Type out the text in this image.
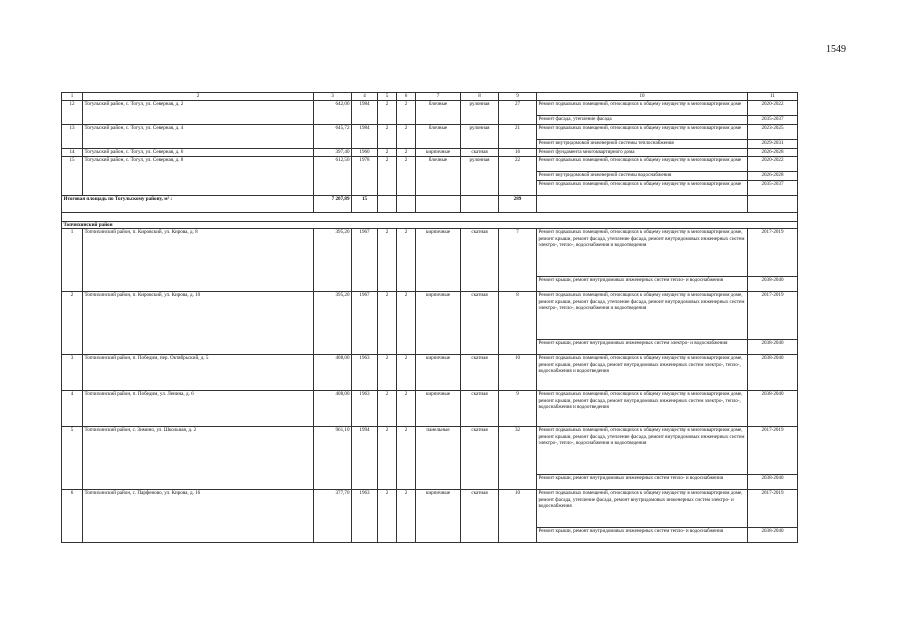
1549
1	2	3	4	5	6	7	8	9	10	11
12	Тогульский район, с. Тогул, ул. Северная, д. 2	642,00	1984	2	2	блочные	рулонная	27	Ремонт подвальных помещений, относящихся к общему имуществу в многоквартирном доме	2020-2022
									Ремонт фасада, утепление фасада	2035-2037
13	Тогульский район, с. Тогул, ул. Северная, д. 4	645,72	1984	2	2	блочные	рулонная	21	Ремонт подвальных помещений, относящихся к общему имуществу в многоквартирном доме	2023-2025
									Ремонт внутридомовой инженерной системы теплоснабжения	2029-2031
14	Тогульский район, с. Тогул, ул. Северная, д. 6	397,40	1960	2	2	кирпичные	скатная	16	Ремонт фундамента многоквартирного дома	2026-2028
15	Тогульский район, с. Тогул, ул. Северная, д. 8	612,50	1978	2	2	блочные	рулонная	22	Ремонт подвальных помещений, относящихся к общему имуществу в многоквартирном доме	2020-2022
									Ремонт внутридомовой инженерной системы водоснабжения	2026-2028
									Ремонт подвальных помещений, относящихся к общему имуществу в многоквартирном доме	2035-2037
Итоговая площадь по Тогульскому району, м² :		7 207,89	15					289		

Топчихинский район										
1	Топчихинский район, п. Кировский, ул. Кирова, д. 8	395,20	1967	2	2	кирпичные	скатная	7	Ремонт подвальных помещений, относящихся к общему имуществу в многоквартирном доме, ремонт крыши, ремонт фасада, утепление фасада, ремонт внутридомовых инженерных систем электро-, тепло-, водоснабжения и водоотведения	2017-2019
									Ремонт крыши, ремонт внутридомовых инженерных систем тепло- и водоснабжения	2038-2040
2	Топчихинский район, п. Кировский, ул. Кирова, д. 10	395,20	1967	2	2	кирпичные	скатная	8	Ремонт подвальных помещений, относящихся к общему имуществу в многоквартирном доме, ремонт крыши, ремонт фасада, утепление фасада, ремонт внутридомовых инженерных систем электро-, тепло-, водоснабжения и водоотведения	2017-2019
									Ремонт крыши, ремонт внутридомовых инженерных систем электро- и водоснабжения	2038-2040
3	Топчихинский район, п. Победим, пер. Октябрьский, д. 5	408,00	1963	2	2	кирпичные	скатная	10	Ремонт подвальных помещений, относящихся к общему имуществу в многоквартирном доме, ремонт крыши, ремонт фасада, ремонт внутридомовых инженерных систем электро-, тепло-, водоснабжения и водоотведения	2038-2040
4	Топчихинский район, п. Победим, ул. Ленина, д. 6	408,00	1963	2	2	кирпичные	скатная	9	Ремонт подвальных помещений, относящихся к общему имуществу в многоквартирном доме, ремонт крыши, ремонт фасада, ремонт внутридомовых инженерных систем электро-, тепло-, водоснабжения и водоотведения	2038-2040
5	Топчихинский район, с. Зимино, ул. Школьная, д. 2	961,10	1994	2	2	панельные	скатная	32	Ремонт подвальных помещений, относящихся к общему имуществу в многоквартирном доме, ремонт крыши, ремонт фасада, утепление фасада, ремонт внутридомовых инженерных систем электро-, тепло-, водоснабжения и водоотведения	2017-2019
									Ремонт крыши, ремонт внутридомовых инженерных систем тепло- и водоснабжения	2038-2040
6	Топчихинский район, с. Парфеново, ул. Кирова, д. 16	377,70	1963	2	2	кирпичные	скатная	10	Ремонт подвальных помещений, относящихся к общему имуществу в многоквартирном доме, ремонт фасада, утепление фасада, ремонт внутридомовых инженерных систем электро- и водоснабжения	2017-2019
									Ремонт крыши, ремонт внутридомовых инженерных систем тепло- и водоснабжения	2038-2040
